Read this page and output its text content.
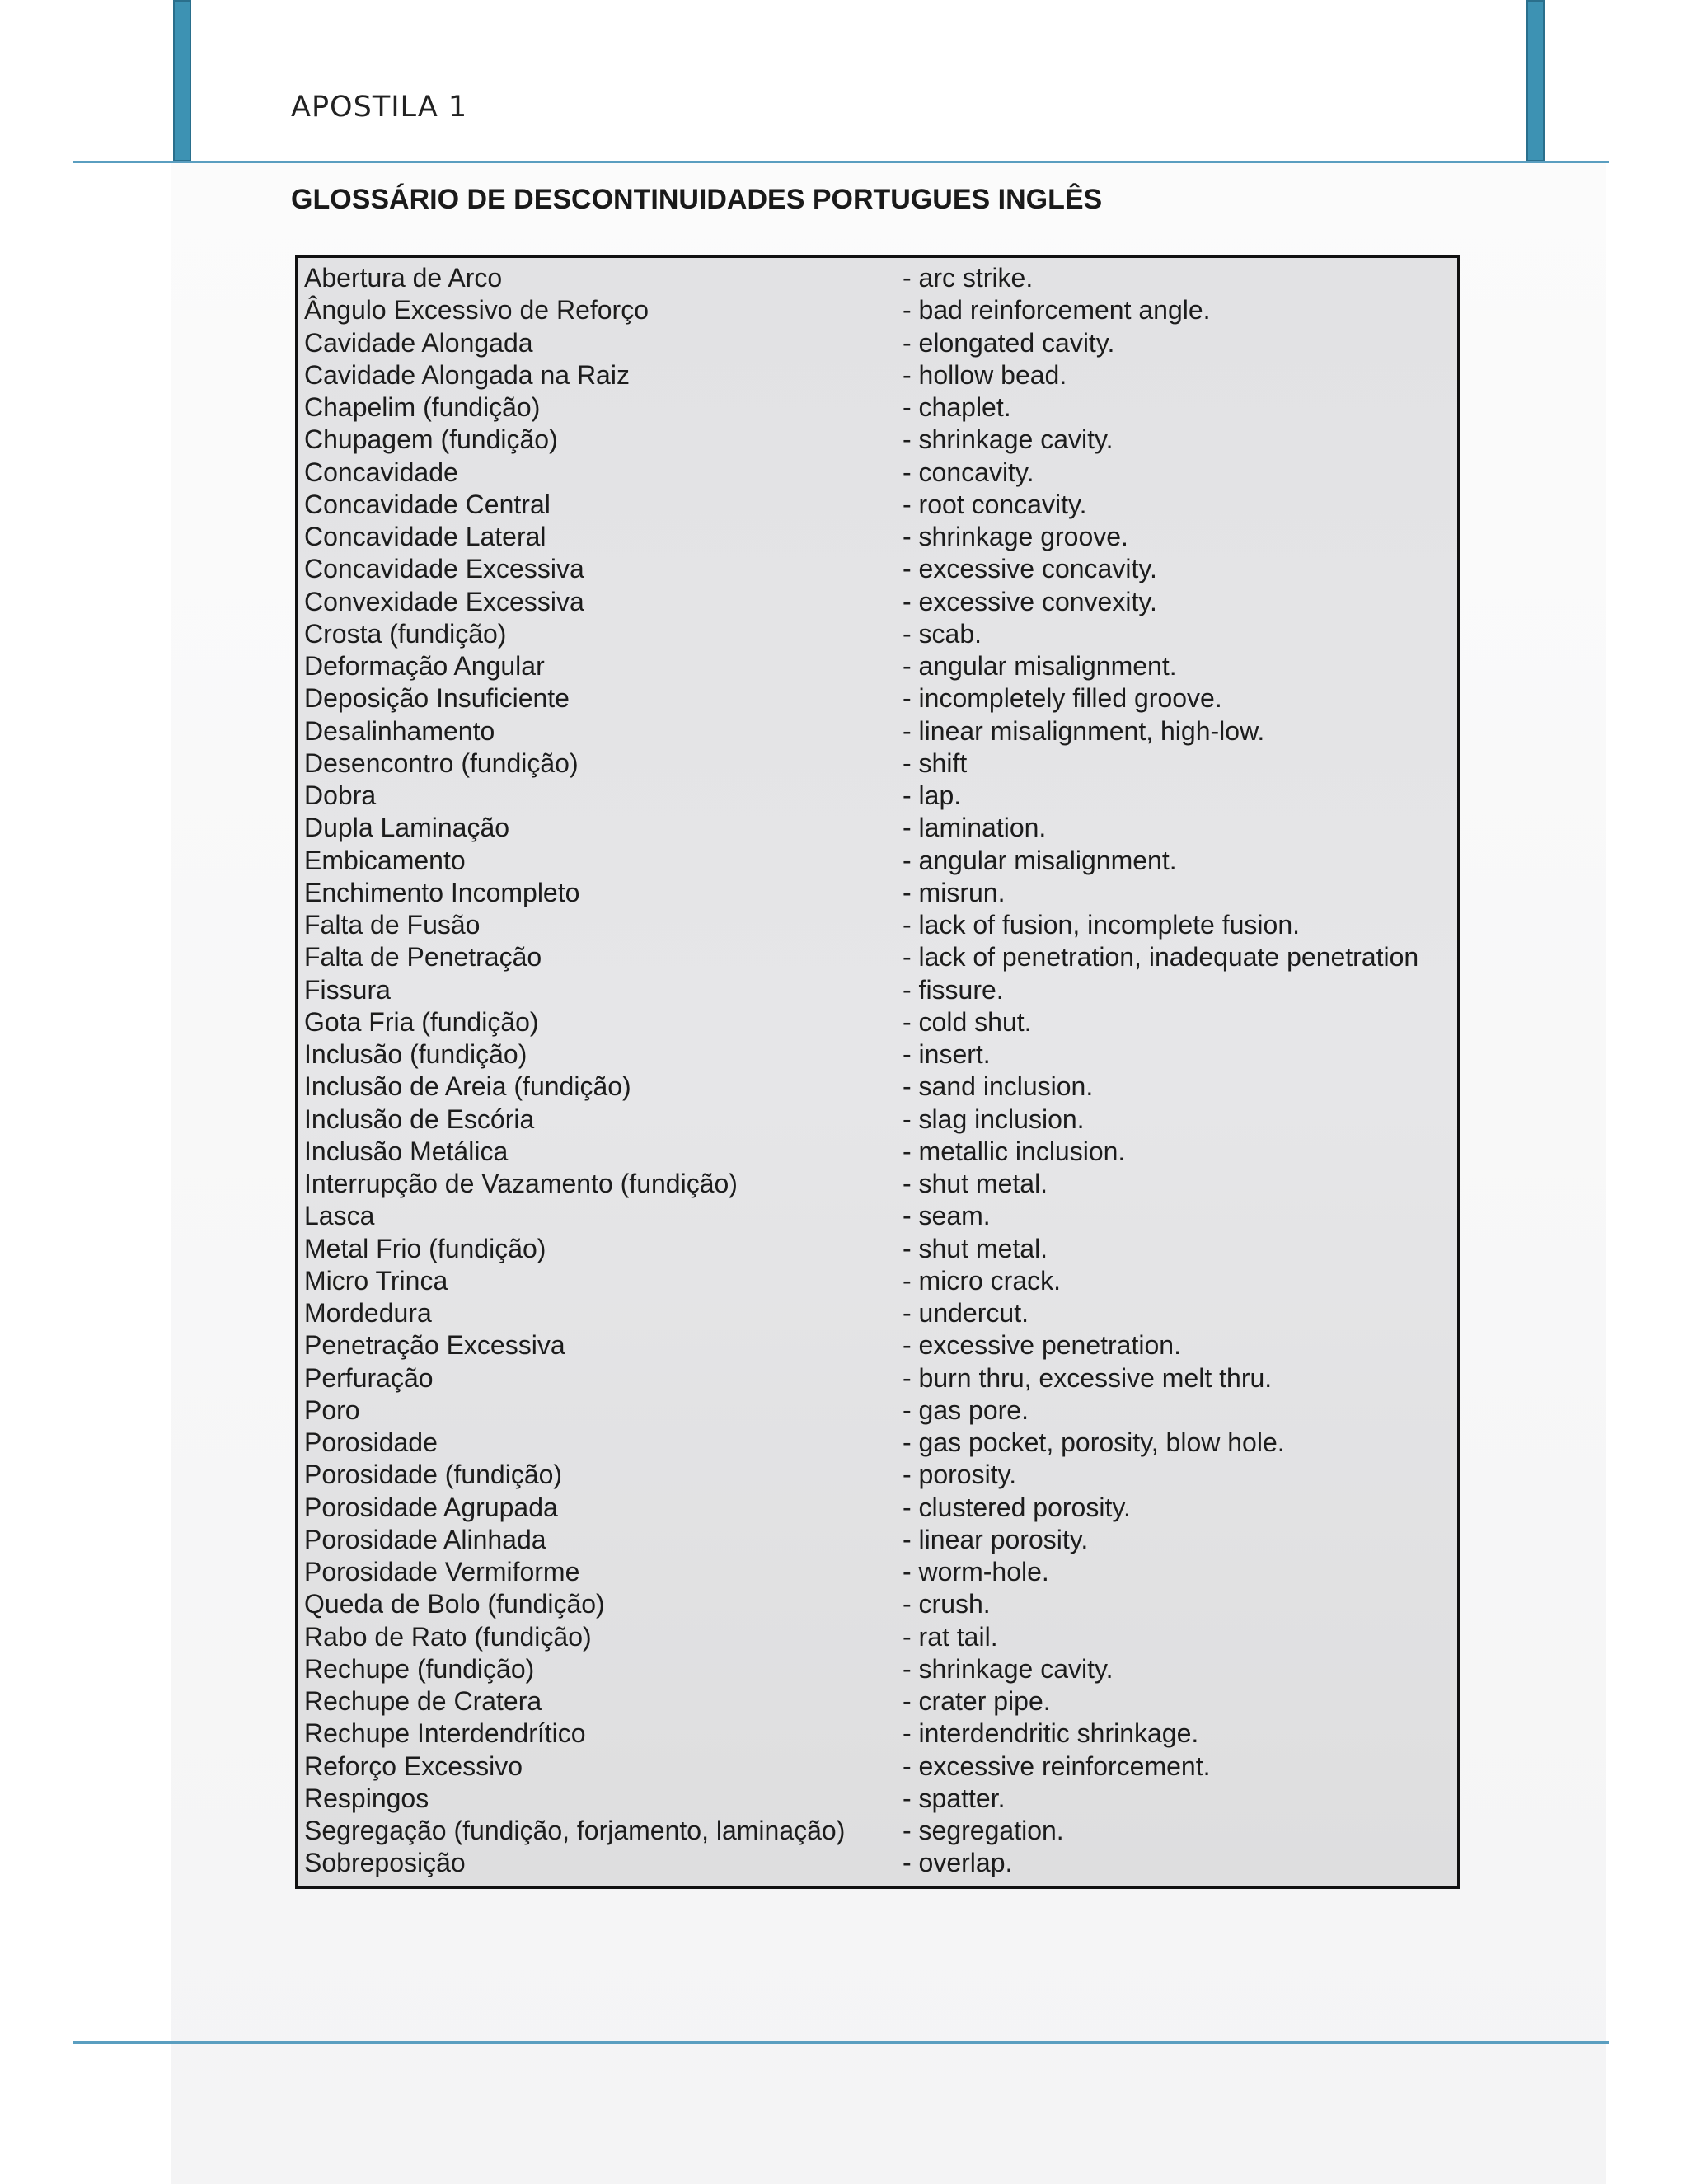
APOSTILA 1
GLOSSÁRIO DE DESCONTINUIDADES PORTUGUES INGLÊS
Abertura de Arco	- arc strike.
Ângulo Excessivo de Reforço	- bad reinforcement angle.
Cavidade Alongada	- elongated cavity.
Cavidade Alongada na Raiz	- hollow bead.
Chapelim (fundição)	- chaplet.
Chupagem (fundição)	- shrinkage cavity.
Concavidade	- concavity.
Concavidade Central	- root concavity.
Concavidade Lateral	- shrinkage groove.
Concavidade Excessiva	- excessive concavity.
Convexidade Excessiva	- excessive convexity.
Crosta (fundição)	- scab.
Deformação Angular	- angular misalignment.
Deposição Insuficiente	- incompletely filled groove.
Desalinhamento	- linear misalignment, high-low.
Desencontro (fundição)	- shift
Dobra	- lap.
Dupla Laminação	- lamination.
Embicamento	- angular misalignment.
Enchimento Incompleto	- misrun.
Falta de Fusão	- lack of fusion, incomplete fusion.
Falta de Penetração	- lack of penetration, inadequate penetration
Fissura	- fissure.
Gota Fria (fundição)	- cold shut.
Inclusão (fundição)	- insert.
Inclusão de Areia (fundição)	- sand inclusion.
Inclusão de Escória	- slag inclusion.
Inclusão Metálica	- metallic inclusion.
Interrupção de Vazamento (fundição)	- shut metal.
Lasca	- seam.
Metal Frio (fundição)	- shut metal.
Micro Trinca	- micro crack.
Mordedura	- undercut.
Penetração Excessiva	- excessive penetration.
Perfuração	- burn thru, excessive melt thru.
Poro	- gas pore.
Porosidade	- gas pocket, porosity, blow hole.
Porosidade (fundição)	- porosity.
Porosidade Agrupada	- clustered porosity.
Porosidade Alinhada	- linear porosity.
Porosidade Vermiforme	- worm-hole.
Queda de Bolo (fundição)	- crush.
Rabo de Rato (fundição)	- rat tail.
Rechupe (fundição)	- shrinkage cavity.
Rechupe de Cratera	- crater pipe.
Rechupe Interdendrítico	- interdendritic shrinkage.
Reforço Excessivo	- excessive reinforcement.
Respingos	- spatter.
Segregação (fundição, forjamento, laminação)	- segregation.
Sobreposição	- overlap.
